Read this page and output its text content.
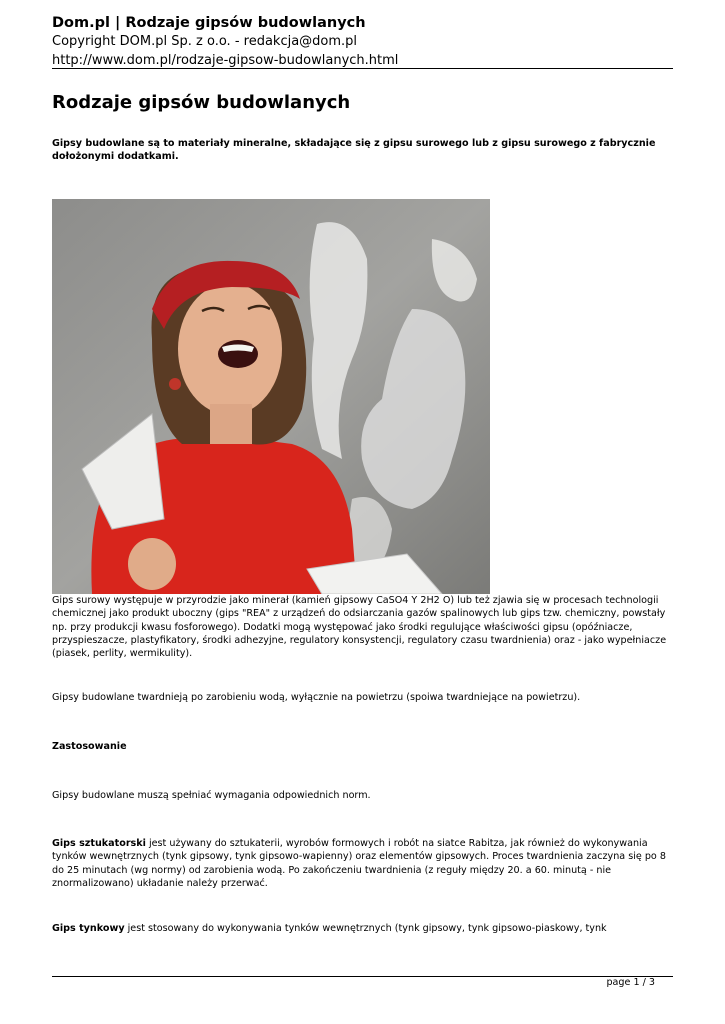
Dom.pl | Rodzaje gipsów budowlanych
Copyright DOM.pl Sp. z o.o. - redakcja@dom.pl
http://www.dom.pl/rodzaje-gipsow-budowlanych.html
Rodzaje gipsów budowlanych
Gipsy budowlane są to materiały mineralne, składające się z gipsu surowego lub z gipsu surowego z fabrycznie dołożonymi dodatkami.
Gips surowy występuje w przyrodzie jako minerał (kamień gipsowy CaSO4 Y 2H2 O) lub też zjawia się w procesach technologii chemicznej jako produkt uboczny (gips "REA" z urządzeń do odsiarczania gazów spalinowych lub gips tzw. chemiczny, powstały np. przy produkcji kwasu fosforowego). Dodatki mogą występować jako środki regulujące właściwości gipsu (opóźniacze, przyspieszacze, plastyfikatory, środki adhezyjne, regulatory konsystencji, regulatory czasu twardnienia) oraz - jako wypełniacze (piasek, perlity, wermikulity).
Gipsy budowlane twardnieją po zarobieniu wodą, wyłącznie na powietrzu (spoiwa twardniejące na powietrzu).
Zastosowanie
Gipsy budowlane muszą spełniać wymagania odpowiednich norm.
Gips sztukatorski jest używany do sztukaterii, wyrobów formowych i robót na siatce Rabitza, jak również do wykonywania tynków wewnętrznych (tynk gipsowy, tynk gipsowo-wapienny) oraz elementów gipsowych. Proces twardnienia zaczyna się po 8 do 25 minutach (wg normy) od zarobienia wodą. Po zakończeniu twardnienia (z reguły między 20. a 60. minutą - nie znormalizowano) układanie należy przerwać.
Gips tynkowy jest stosowany do wykonywania tynków wewnętrznych (tynk gipsowy, tynk gipsowo-piaskowy, tynk
page 1 / 3
